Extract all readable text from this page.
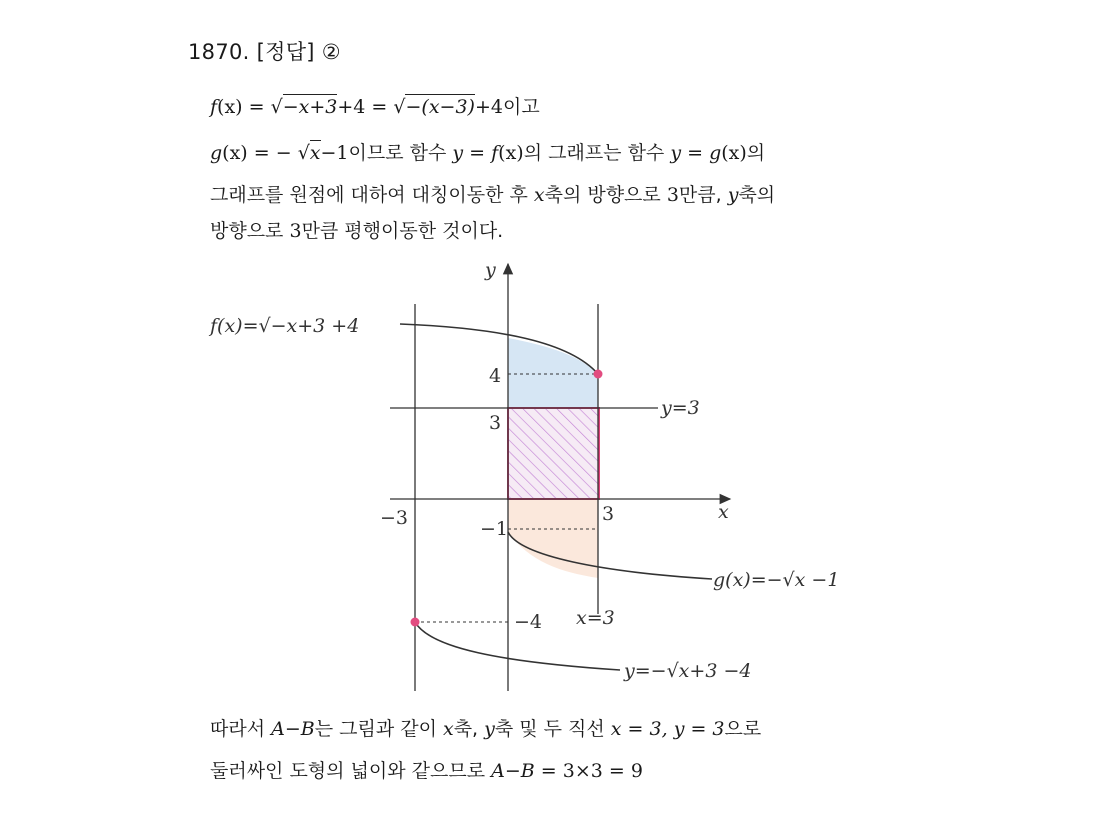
1870. [정답] ②
f(x) = √−x+3+4 = √−(x−3)+4이고
g(x) = − √x−1이므로 함수 y = f(x)의 그래프는 함수 y = g(x)의
그래프를 원점에 대하여 대칭이동한 후 x축의 방향으로 3만큼, y축의
방향으로 3만큼 평행이동한 것이다.
f(x)=√−x+3 +4
g(x)=−√x −1
y=−√x+3 −4
y=3
x=3
x
y
4
3
3
−3	−1
−4
따라서 A−B는 그림과 같이 x축, y축 및 두 직선 x = 3, y = 3으로
둘러싸인 도형의 넓이와 같으므로 A−B = 3×3 = 9
